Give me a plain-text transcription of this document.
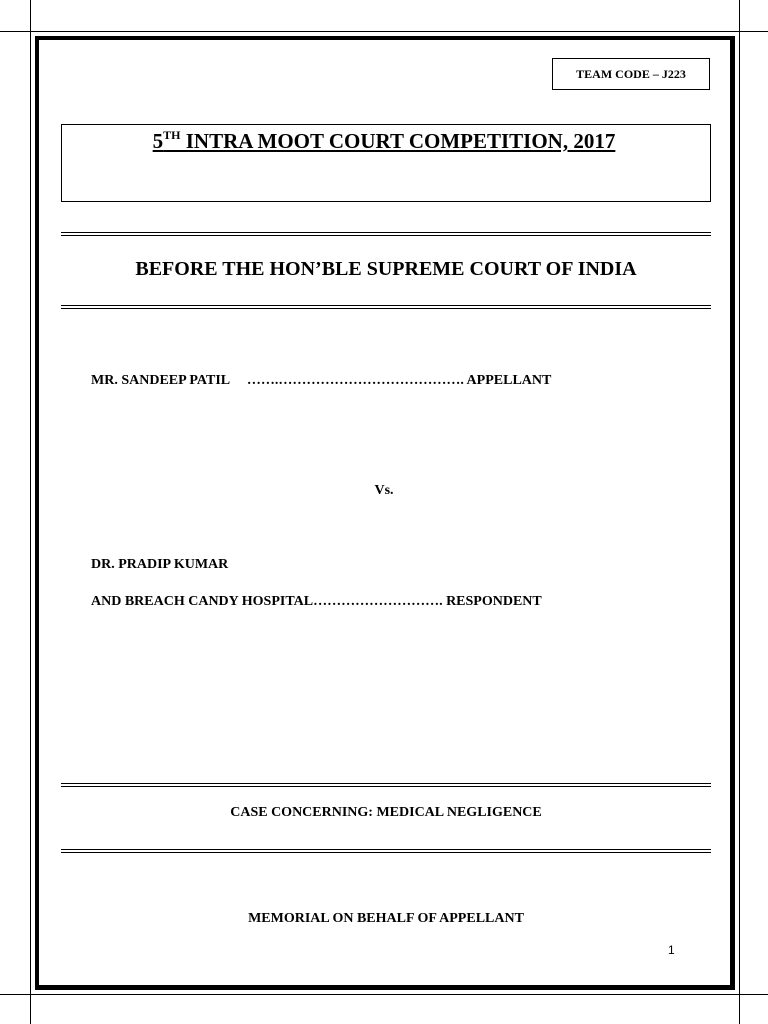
TEAM CODE – J223
5TH INTRA MOOT COURT COMPETITION, 2017
BEFORE THE HON’BLE SUPREME COURT OF INDIA
MR. SANDEEP PATIL     …….…………………………………. APPELLANT
Vs.
DR. PRADIP KUMAR
AND BREACH CANDY HOSPITAL………………………. RESPONDENT
CASE CONCERNING: MEDICAL NEGLIGENCE
MEMORIAL ON BEHALF OF APPELLANT
1
